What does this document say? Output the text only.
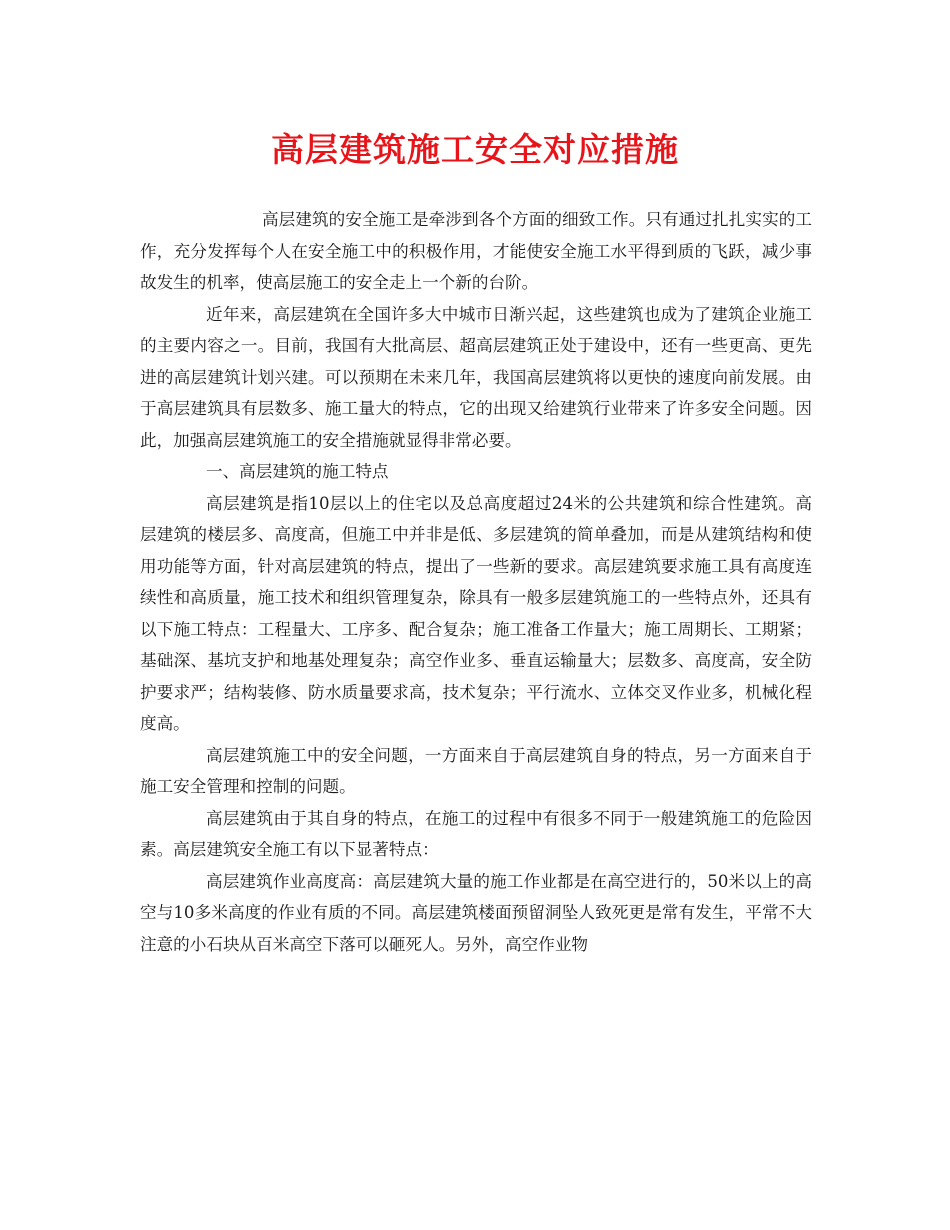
高层建筑施工安全对应措施

高层建筑的安全施工是牵涉到各个方面的细致工作。只有通过扎扎实实的工作，充分发挥每个人在安全施工中的积极作用，才能使安全施工水平得到质的飞跃，减少事故发生的机率，使高层施工的安全走上一个新的台阶。

近年来，高层建筑在全国许多大中城市日渐兴起，这些建筑也成为了建筑企业施工的主要内容之一。目前，我国有大批高层、超高层建筑正处于建设中，还有一些更高、更先进的高层建筑计划兴建。可以预期在未来几年，我国高层建筑将以更快的速度向前发展。由于高层建筑具有层数多、施工量大的特点，它的出现又给建筑行业带来了许多安全问题。因此，加强高层建筑施工的安全措施就显得非常必要。

一、高层建筑的施工特点

高层建筑是指10层以上的住宅以及总高度超过24米的公共建筑和综合性建筑。高层建筑的楼层多、高度高，但施工中并非是低、多层建筑的简单叠加，而是从建筑结构和使用功能等方面，针对高层建筑的特点，提出了一些新的要求。高层建筑要求施工具有高度连续性和高质量，施工技术和组织管理复杂，除具有一般多层建筑施工的一些特点外，还具有以下施工特点：工程量大、工序多、配合复杂；施工准备工作量大；施工周期长、工期紧；基础深、基坑支护和地基处理复杂；高空作业多、垂直运输量大；层数多、高度高，安全防护要求严；结构装修、防水质量要求高，技术复杂；平行流水、立体交叉作业多，机械化程度高。

高层建筑施工中的安全问题，一方面来自于高层建筑自身的特点，另一方面来自于施工安全管理和控制的问题。

高层建筑由于其自身的特点，在施工的过程中有很多不同于一般建筑施工的危险因素。高层建筑安全施工有以下显著特点：

高层建筑作业高度高：高层建筑大量的施工作业都是在高空进行的，50米以上的高空与10多米高度的作业有质的不同。高层建筑楼面预留洞坠人致死更是常有发生，平常不大注意的小石块从百米高空下落可以砸死人。另外，高空作业物
